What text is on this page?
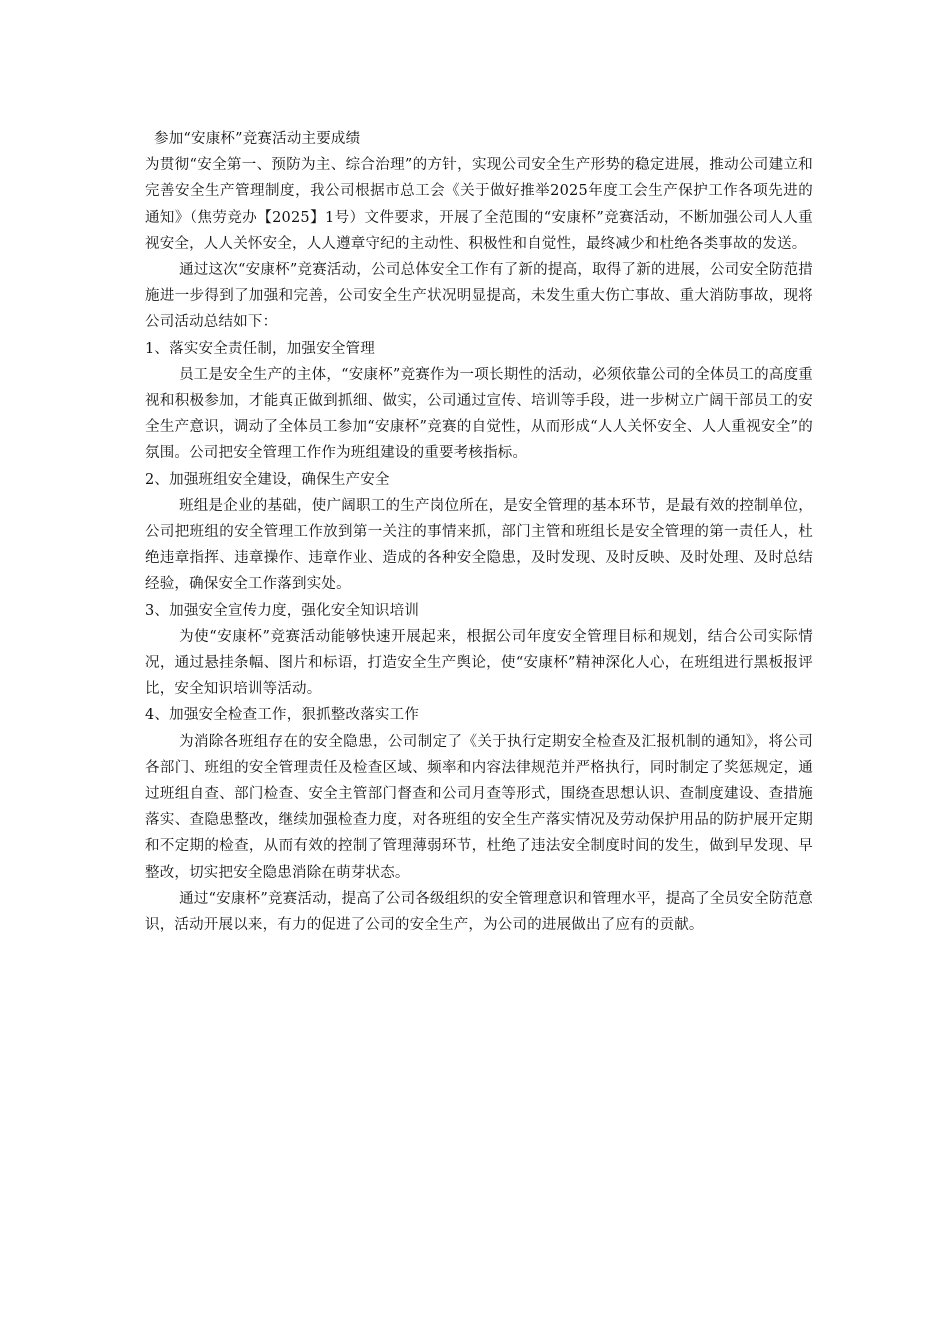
参加“安康杯”竞赛活动主要成绩

为贯彻“安全第一、预防为主、综合治理”的方针，实现公司安全生产形势的稳定进展，推动公司建立和完善安全生产管理制度，我公司根据市总工会《关于做好推举2025年度工会生产保护工作各项先进的通知》（焦劳竞办【2025】1号）文件要求，开展了全范围的“安康杯”竞赛活动，不断加强公司人人重视安全，人人关怀安全，人人遵章守纪的主动性、积极性和自觉性，最终减少和杜绝各类事故的发送。

通过这次“安康杯”竞赛活动，公司总体安全工作有了新的提高，取得了新的进展，公司安全防范措施进一步得到了加强和完善，公司安全生产状况明显提高，未发生重大伤亡事故、重大消防事故，现将公司活动总结如下：

1、落实安全责任制，加强安全管理

员工是安全生产的主体，“安康杯”竞赛作为一项长期性的活动，必须依靠公司的全体员工的高度重视和积极参加，才能真正做到抓细、做实，公司通过宣传、培训等手段，进一步树立广阔干部员工的安全生产意识，调动了全体员工参加“安康杯”竞赛的自觉性，从而形成“人人关怀安全、人人重视安全”的氛围。公司把安全管理工作作为班组建设的重要考核指标。

2、加强班组安全建设，确保生产安全

班组是企业的基础，使广阔职工的生产岗位所在，是安全管理的基本环节，是最有效的控制单位，公司把班组的安全管理工作放到第一关注的事情来抓，部门主管和班组长是安全管理的第一责任人，杜绝违章指挥、违章操作、违章作业、造成的各种安全隐患，及时发现、及时反映、及时处理、及时总结经验，确保安全工作落到实处。

3、加强安全宣传力度，强化安全知识培训

为使“安康杯”竞赛活动能够快速开展起来，根据公司年度安全管理目标和规划，结合公司实际情况，通过悬挂条幅、图片和标语，打造安全生产舆论，使“安康杯”精神深化人心，在班组进行黑板报评比，安全知识培训等活动。

4、加强安全检查工作，狠抓整改落实工作

为消除各班组存在的安全隐患，公司制定了《关于执行定期安全检查及汇报机制的通知》，将公司各部门、班组的安全管理责任及检查区域、频率和内容法律规范并严格执行，同时制定了奖惩规定，通过班组自查、部门检查、安全主管部门督查和公司月查等形式，围绕查思想认识、查制度建设、查措施落实、查隐患整改，继续加强检查力度，对各班组的安全生产落实情况及劳动保护用品的防护展开定期和不定期的检查，从而有效的控制了管理薄弱环节，杜绝了违法安全制度时间的发生，做到早发现、早整改，切实把安全隐患消除在萌芽状态。

通过“安康杯”竞赛活动，提高了公司各级组织的安全管理意识和管理水平，提高了全员安全防范意识，活动开展以来，有力的促进了公司的安全生产，为公司的进展做出了应有的贡献。
